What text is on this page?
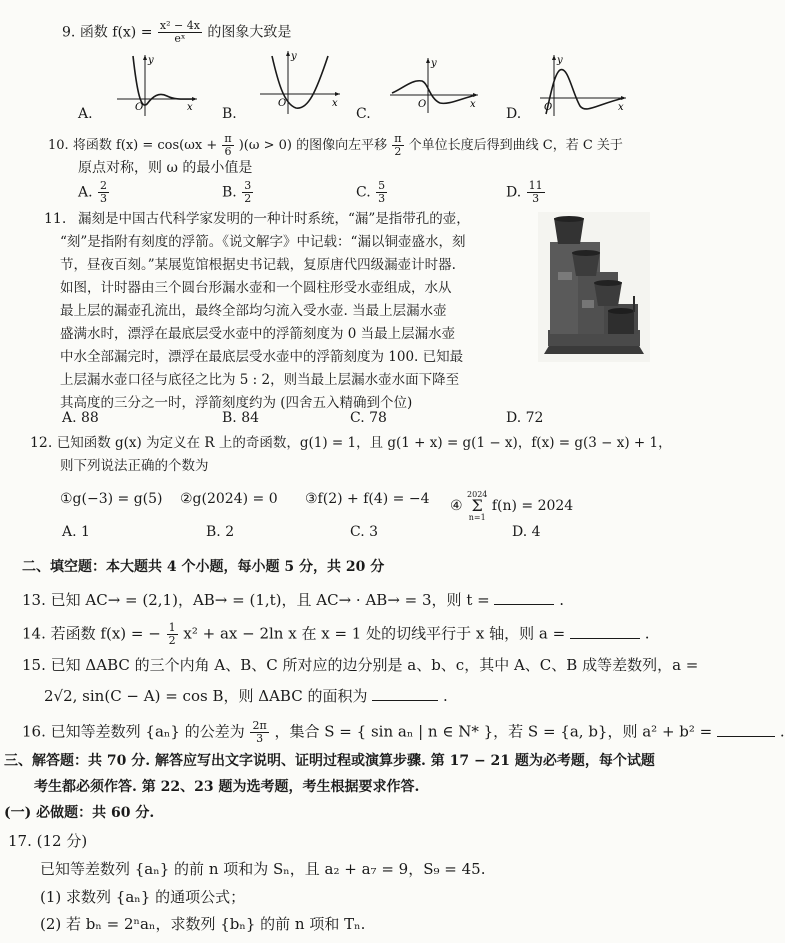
9. 函数 $f(x) = \frac{\text{x² − 4x}}{\text{eˣ}}$ 的图象大致是
y
x
O
A.
y
x
O
B.
y
x
O
C.
y
x
O
D.
10. 将函数 $f(x) = \cos(\omega x + \frac{\pi}{6} )(\omega > 0)$ 的图像向左平移 $\frac{\pi}{2}$ 个单位长度后得到曲线 C，若 C 关于
原点对称，则 ω 的最小值是
A. $\frac{2}{3}$	B. $\frac{3}{2}$	C. $\frac{5}{3}$	D. $\frac{11}{3}$
11. 漏刻是中国古代科学家发明的一种计时系统，“漏”是指带孔的壶，
“刻”是指附有刻度的浮箭。《说文解字》中记载：“漏以铜壶盛水，刻
节，昼夜百刻。”某展览馆根据史书记载，复原唐代四级漏壶计时器.
如图，计时器由三个圆台形漏水壶和一个圆柱形受水壶组成，水从
最上层的漏壶孔流出，最终全部均匀流入受水壶. 当最上层漏水壶
盛满水时，漂浮在最底层受水壶中的浮箭刻度为 0 当最上层漏水壶
中水全部漏完时，漂浮在最底层受水壶中的浮箭刻度为 100. 已知最
上层漏水壶口径与底径之比为 5 : 2，则当最上层漏水壶水面下降至
其高度的三分之一时，浮箭刻度约为 (四舍五入精确到个位)
A. 88	B. 84	C. 78	D. 72
12. 已知函数 g(x) 为定义在 R 上的奇函数，g(1) = 1，且 g(1 + x) = g(1 − x)，f(x) = g(3 − x) + 1，
则下列说法正确的个数为
①g(−3) = g(5) ②g(2024) = 0 ③f(2) + f(4) = −4 ④
2024
Σ
n=1
f(n) = 2024
A. 1	B. 2	C. 3	D. 4
二、填空题：本大题共 4 个小题，每小题 5 分，共 20 分
13. 已知 AC→ = (2,1)，AB→ = (1,t)，且 AC→ · AB→ = 3，则 t =	.
14. 若函数 f(x) = − $\frac{1}{2} x^2$ + ax − 2ln x 在 x = 1 处的切线平行于 x 轴，则 a =	.
15. 已知 ΔABC 的三个内角 A、B、C 所对应的边分别是 a、b、c，其中 A、C、B 成等差数列，a =
2√2, sin(C − A) = cos B，则 ΔABC 的面积为	.
16. 已知等差数列 {aₙ} 的公差为 $\frac{2\pi}{3}$ ，集合 S = { sin aₙ | n ∈ N* }，若 S = {a, b}，则 a² + b² =	.
三、解答题：共 70 分. 解答应写出文字说明、证明过程或演算步骤. 第 17 − 21 题为必考题，每个试题
考生都必须作答. 第 22、23 题为选考题，考生根据要求作答.
(一) 必做题：共 60 分.
17. (12 分)
已知等差数列 {aₙ} 的前 n 项和为 Sₙ，且 a₂ + a₇ = 9，S₉ = 45.
(1) 求数列 {aₙ} 的通项公式；
(2) 若 bₙ = 2ⁿaₙ，求数列 {bₙ} 的前 n 项和 Tₙ.
